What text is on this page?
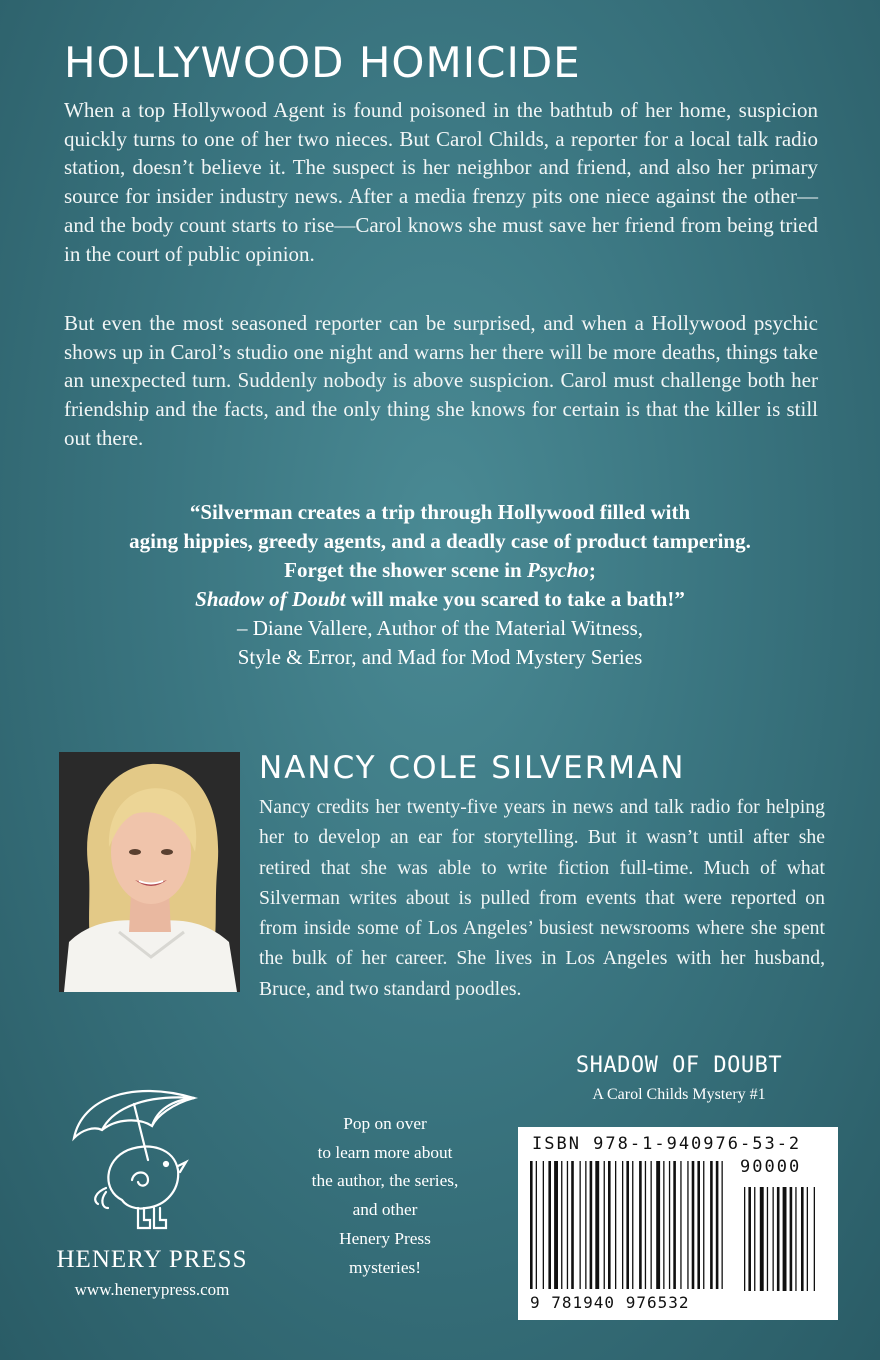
HOLLYWOOD HOMICIDE

When a top Hollywood Agent is found poisoned in the bathtub of her home, suspicion quickly turns to one of her two nieces. But Carol Childs, a reporter for a local talk radio station, doesn’t believe it. The suspect is her neighbor and friend, and also her primary source for insider industry news. After a media frenzy pits one niece against the other—and the body count starts to rise—Carol knows she must save her friend from being tried in the court of public opinion.

But even the most seasoned reporter can be surprised, and when a Hollywood psychic shows up in Carol’s studio one night and warns her there will be more deaths, things take an unexpected turn. Suddenly nobody is above suspicion. Carol must challenge both her friendship and the facts, and the only thing she knows for certain is that the killer is still out there.

“Silverman creates a trip through Hollywood filled with
aging hippies, greedy agents, and a deadly case of product tampering.
Forget the shower scene in Psycho;
Shadow of Doubt will make you scared to take a bath!”
– Diane Vallere, Author of the Material Witness,
Style & Error, and Mad for Mod Mystery Series
NANCY COLE SILVERMAN

Nancy credits her twenty-five years in news and talk radio for helping her to develop an ear for storytelling. But it wasn’t until after she retired that she was able to write fiction full-time. Much of what Silverman writes about is pulled from events that were reported on from inside some of Los Angeles’ busiest newsrooms where she spent the bulk of her career. She lives in Los Angeles with her husband, Bruce, and two standard poodles.

SHADOW OF DOUBT
A Carol Childs Mystery #1
HENERY PRESS
www.henerypress.com
Pop on over
to learn more about
the author, the series,
and other
Henery Press
mysteries!
ISBN 978-1-940976-53-2
90000
9 781940 976532
